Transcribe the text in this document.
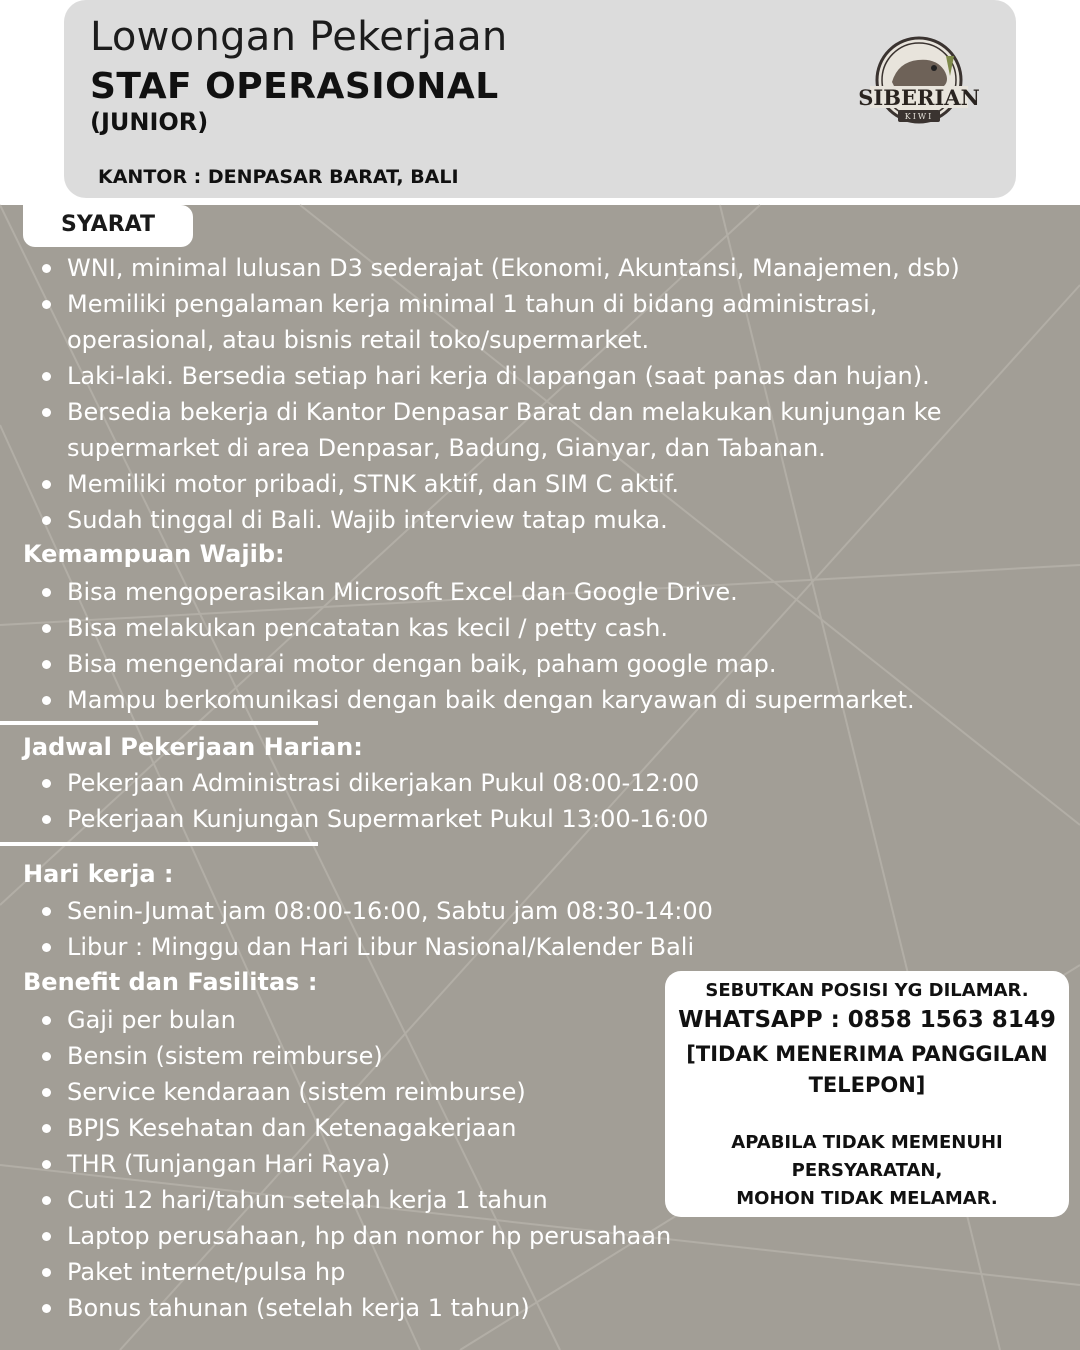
Lowongan Pekerjaan
STAF OPERASIONAL
(JUNIOR)
KANTOR : DENPASAR BARAT, BALI
SIBERIAN
KIWI
SYARAT
WNI, minimal lulusan D3 sederajat (Ekonomi, Akuntansi, Manajemen, dsb)
Memiliki pengalaman kerja minimal 1 tahun di bidang administrasi,
operasional, atau bisnis retail toko/supermarket.
Laki-laki. Bersedia setiap hari kerja di lapangan (saat panas dan hujan).
Bersedia bekerja di Kantor Denpasar Barat dan melakukan kunjungan ke
supermarket di area Denpasar, Badung, Gianyar, dan Tabanan.
Memiliki motor pribadi, STNK aktif, dan SIM C aktif.
Sudah tinggal di Bali. Wajib interview tatap muka.
Kemampuan Wajib:
Bisa mengoperasikan Microsoft Excel dan Google Drive.
Bisa melakukan pencatatan kas kecil / petty cash.
Bisa mengendarai motor dengan baik, paham google map.
Mampu berkomunikasi dengan baik dengan karyawan di supermarket.
Jadwal Pekerjaan Harian:
Pekerjaan Administrasi dikerjakan Pukul 08:00-12:00
Pekerjaan Kunjungan Supermarket Pukul 13:00-16:00
Hari kerja :
Senin-Jumat jam 08:00-16:00, Sabtu jam 08:30-14:00
Libur : Minggu dan Hari Libur Nasional/Kalender Bali
Benefit dan Fasilitas :
Gaji per bulan
Bensin (sistem reimburse)
Service kendaraan (sistem reimburse)
BPJS Kesehatan dan Ketenagakerjaan
THR (Tunjangan Hari Raya)
Cuti 12 hari/tahun setelah kerja 1 tahun
Laptop perusahaan, hp dan nomor hp perusahaan
Paket internet/pulsa hp
Bonus tahunan (setelah kerja 1 tahun)
SEBUTKAN POSISI YG DILAMAR.
WHATSAPP : 0858 1563 8149
[TIDAK MENERIMA PANGGILAN
TELEPON]
APABILA TIDAK MEMENUHI
PERSYARATAN,
MOHON TIDAK MELAMAR.
